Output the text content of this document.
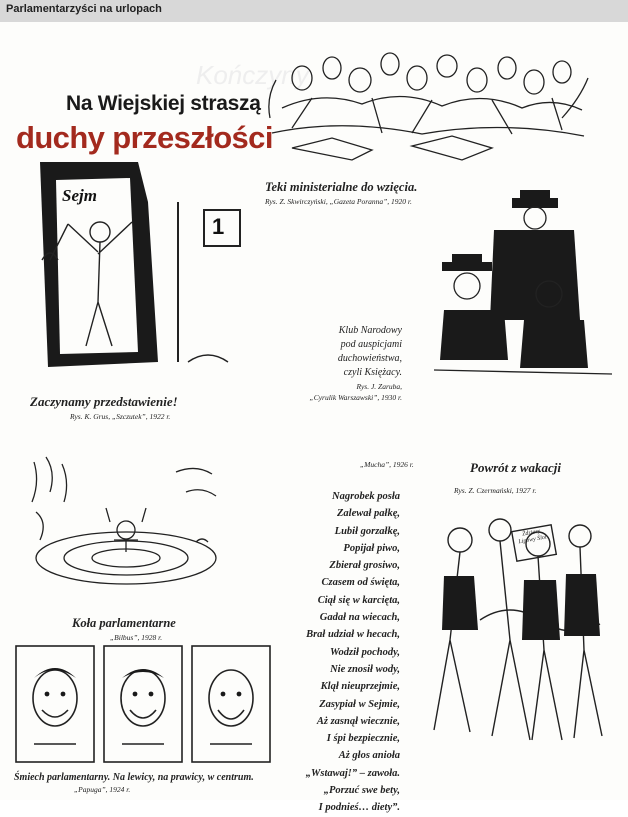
Parlamentarzyści na urlopach
Kończyny
Na Wiejskiej straszą
duchy przeszłości
Teki ministerialne do wzięcia.
Rys. Z. Skwirczyński, „Gazeta Poranna”, 1920 r.
Sejm
1
Zaczynamy przedstawienie!
Rys. K. Grus, „Szczutek”, 1922 r.
Klub Narodowy
pod auspicjami
duchowieństwa,
czyli Księżacy.
Rys. J. Zaruba,
„Cyrulik Warszawski”, 1930 r.
Koła parlamentarne
„Bilbus”, 1928 r.
Śmiech parlamentarny. Na lewicy, na prawicy, w centrum.
„Papuga”, 1924 r.
„Mucha”, 1926 r.
Nagrobek posła
Zalewał pałkę,
Lubił gorzałkę,
Popijał piwo,
Zbierał grosiwo,
Czasem od święta,
Ciął się w karcięta,
Gadał na wiecach,
Brał udział w hecach,
Wodził pochody,
Nie znosił wody,
Klął nieuprzejmie,
Zasypiał w Sejmie,
Aż zasnął wiecznie,
I śpi bezpiecznie,
Aż głos anioła
„Wstawaj!” – zawoła.
„Porzuć swe bety,
I podnieś… diety”.
Powrót z wakacji
Rys. Z. Czermański, 1927 r.
Ździary Lipowy Ślot
